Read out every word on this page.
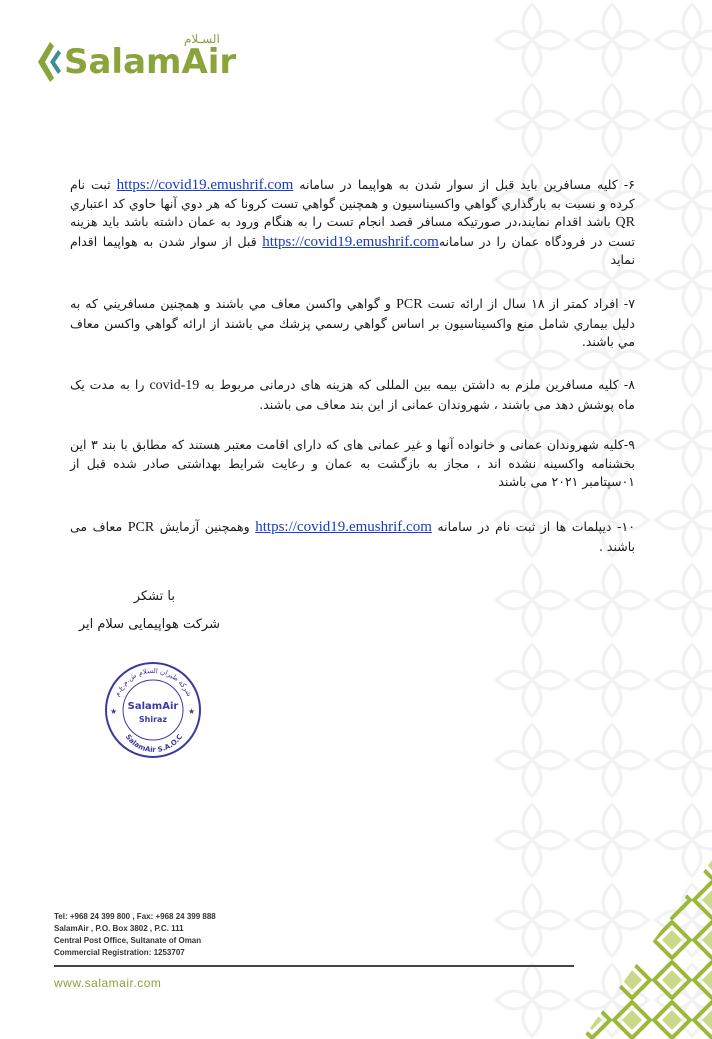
السـلام
SalamAir
۶- کلیه مسافرین باید قبل از سوار شدن به هواپیما در سامانه https://covid19.emushrif.com ثبت نام کرده و نسبت به بارگذاري گواهي واکسیناسیون و همچنین گواهي تست کرونا که هر دوي آنها حاوي کد اعتباري QR باشد اقدام نمایند،در صورتیکه مسافر قصد انجام تست را به هنگام ورود به عمان داشته باشد باید هزینه تست در فرودگاه عمان را در سامانهhttps://covid19.emushrif.com قبل از سوار شدن به هواپیما اقدام نماید
۷- افراد کمتر از ۱۸ سال از ارائه تست PCR و گواهي واکسن معاف مي باشند و همچنین مسافریني که به دلیل بیماري شامل منع واکسیناسیون بر اساس گواهي رسمي پزشك مي باشند از ارائه گواهي واکسن معاف مي باشند.
۸- کلیه مسافرین ملزم به داشتن بیمه بین المللی که هزینه های درمانی مربوط به covid-19 را به مدت یک ماه پوشش دهد می باشند ، شهروندان عمانی از این بند معاف می باشند.
۹-کلیه شهروندان عمانی و خانواده آنها و غیر عمانی های که دارای اقامت معتبر هستند که مطابق با بند ۳ این بخشنامه واکسینه نشده اند ، مجاز به بازگشت به عمان و رعایت شرایط بهداشتی صادر شده قبل از ۰۱سپتامبر ۲۰۲۱ می باشند
۱۰- دیپلمات ها از ثبت نام در سامانه https://covid19.emushrif.com وهمچنین آزمایش PCR معاف می باشند .
با تشکر
شرکت هواپیمایی سلام ایر
شرکة طیران السلام ش.م.ع.م
SalamAir
Shiraz
SalamAir S.A.O.C
★	★
Tel: +968 24 399 800 , Fax: +968 24 399 888
SalamAir , P.O. Box 3802 , P.C. 111
Central Post Office, Sultanate of Oman
Commercial Registration: 1253707
www.salamair.com
